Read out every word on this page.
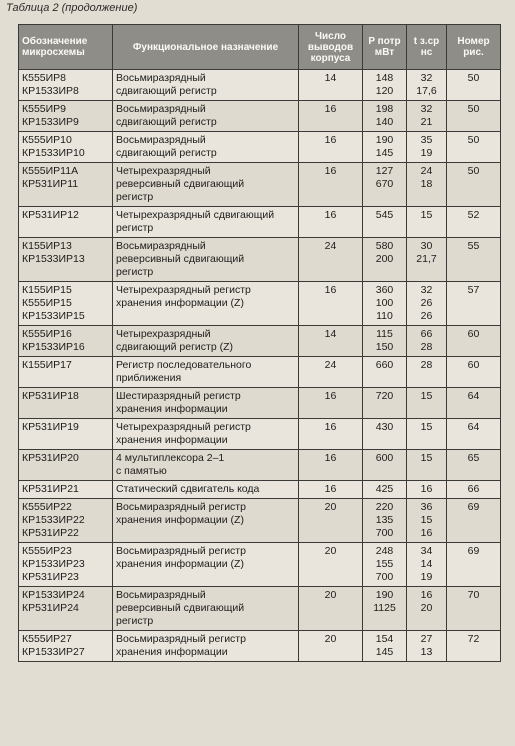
Таблица 2 (продолжение)
Обозначение микросхемы	Функциональное назначение	Число выводов корпуса	P потр мВт	t з.ср нс	Номер рис.

К555ИР8
КР1533ИР8	Восьмиразрядный
сдвигающий регистр	14	148
120	32
17,6	50

К555ИР9
КР1533ИР9	Восьмиразрядный
сдвигающий регистр	16	198
140	32
21	50

К555ИР10
КР1533ИР10	Восьмиразрядный
сдвигающий регистр	16	190
145	35
19	50

К555ИР11А
КР531ИР11	Четырехразрядный
реверсивный сдвигающий
регистр	16	127
670	24
18	50

КР531ИР12	Четырехразрядный сдвигающий
регистр	16	545	15	52

К155ИР13
КР1533ИР13	Восьмиразрядный
реверсивный сдвигающий
регистр	24	580
200	30
21,7	55

К155ИР15
К555ИР15
КР1533ИР15	Четырехразрядный регистр
хранения информации (Z)	16	360
100
110	32
26
26	57

К555ИР16
КР1533ИР16	Четырехразрядный
сдвигающий регистр (Z)	14	115
150	66
28	60

К155ИР17	Регистр последовательного
приближения	24	660	28	60

КР531ИР18	Шестиразрядный регистр
хранения информации	16	720	15	64

КР531ИР19	Четырехразрядный регистр
хранения информации	16	430	15	64

КР531ИР20	4 мультиплексора 2–1
с памятью	16	600	15	65

КР531ИР21	Статический сдвигатель кода	16	425	16	66

К555ИР22
КР1533ИР22
КР531ИР22	Восьмиразрядный регистр
хранения информации (Z)	20	220
135
700	36
15
16	69

К555ИР23
КР1533ИР23
КР531ИР23	Восьмиразрядный регистр
хранения информации (Z)	20	248
155
700	34
14
19	69

КР1533ИР24
КР531ИР24	Восьмиразрядный
реверсивный сдвигающий
регистр	20	190
1125	16
20	70

К555ИР27
КР1533ИР27	Восьмиразрядный регистр
хранения информации	20	154
145	27
13	72
